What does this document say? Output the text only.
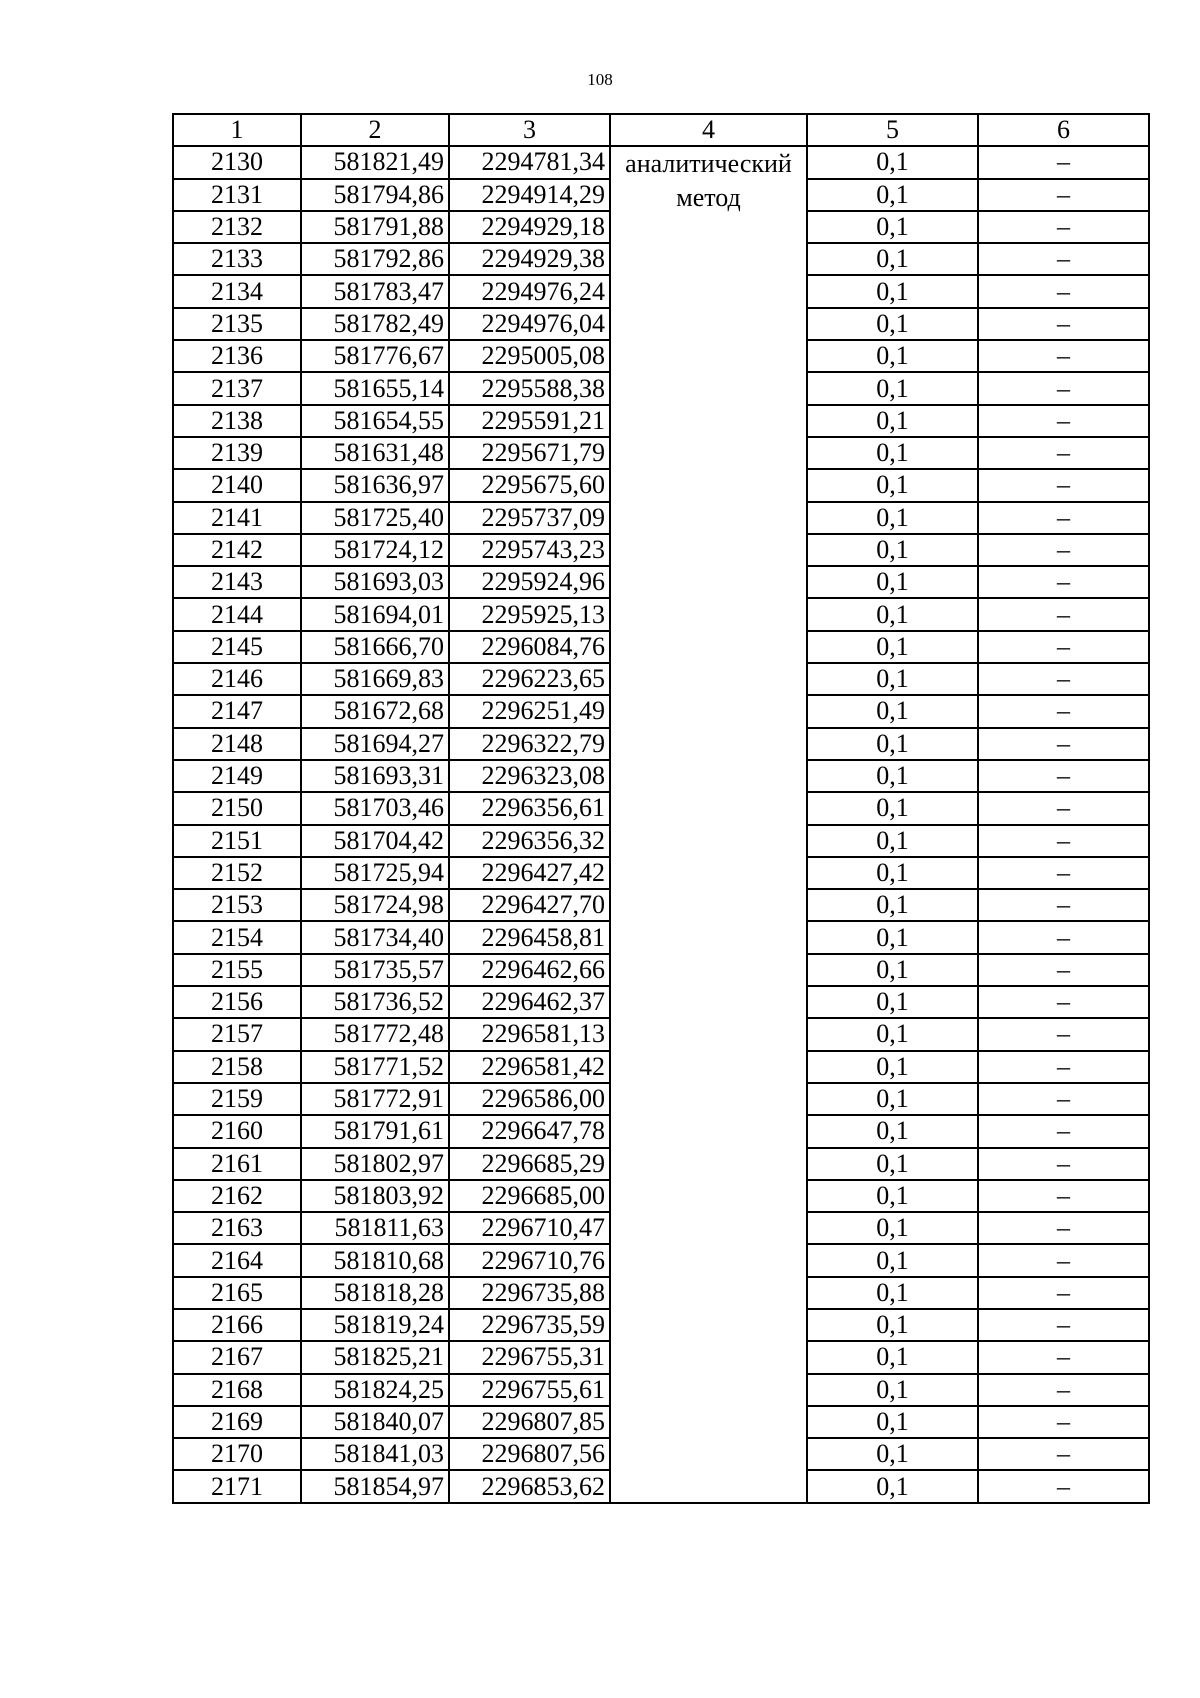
108
1	2	3	4	5	6
2130	581821,49	2294781,34	аналитический метод	0,1	–
2131	581794,86	2294914,29		0,1	–
2132	581791,88	2294929,18		0,1	–
2133	581792,86	2294929,38		0,1	–
2134	581783,47	2294976,24		0,1	–
2135	581782,49	2294976,04		0,1	–
2136	581776,67	2295005,08		0,1	–
2137	581655,14	2295588,38		0,1	–
2138	581654,55	2295591,21		0,1	–
2139	581631,48	2295671,79		0,1	–
2140	581636,97	2295675,60		0,1	–
2141	581725,40	2295737,09		0,1	–
2142	581724,12	2295743,23		0,1	–
2143	581693,03	2295924,96		0,1	–
2144	581694,01	2295925,13		0,1	–
2145	581666,70	2296084,76		0,1	–
2146	581669,83	2296223,65		0,1	–
2147	581672,68	2296251,49		0,1	–
2148	581694,27	2296322,79		0,1	–
2149	581693,31	2296323,08		0,1	–
2150	581703,46	2296356,61		0,1	–
2151	581704,42	2296356,32		0,1	–
2152	581725,94	2296427,42		0,1	–
2153	581724,98	2296427,70		0,1	–
2154	581734,40	2296458,81		0,1	–
2155	581735,57	2296462,66		0,1	–
2156	581736,52	2296462,37		0,1	–
2157	581772,48	2296581,13		0,1	–
2158	581771,52	2296581,42		0,1	–
2159	581772,91	2296586,00		0,1	–
2160	581791,61	2296647,78		0,1	–
2161	581802,97	2296685,29		0,1	–
2162	581803,92	2296685,00		0,1	–
2163	581811,63	2296710,47		0,1	–
2164	581810,68	2296710,76		0,1	–
2165	581818,28	2296735,88		0,1	–
2166	581819,24	2296735,59		0,1	–
2167	581825,21	2296755,31		0,1	–
2168	581824,25	2296755,61		0,1	–
2169	581840,07	2296807,85		0,1	–
2170	581841,03	2296807,56		0,1	–
2171	581854,97	2296853,62		0,1	–
